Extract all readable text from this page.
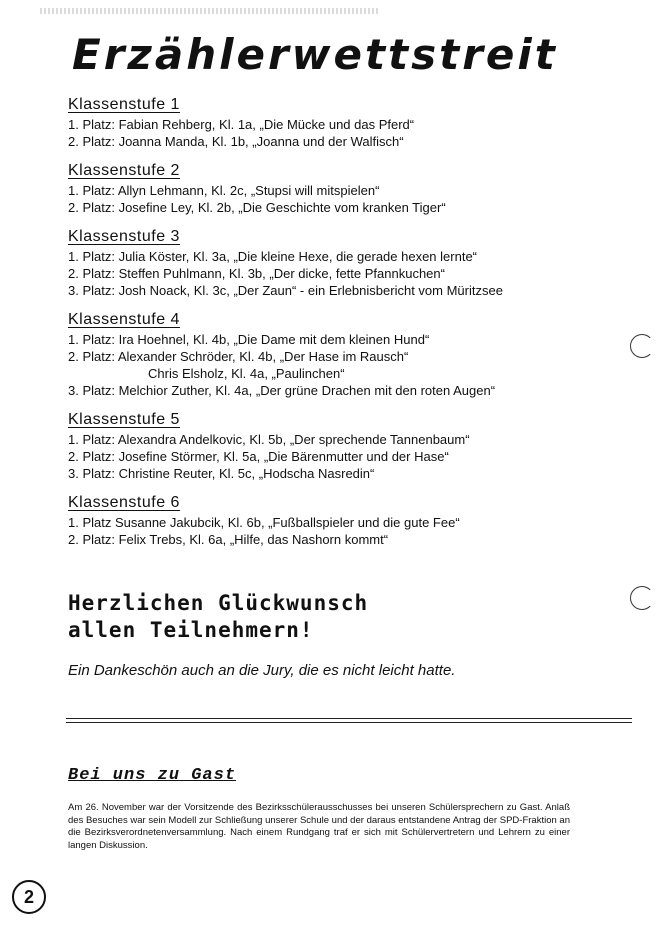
Erzählerwettstreit
Klassenstufe 1
1. Platz: Fabian Rehberg, Kl. 1a, „Die Mücke und das Pferd“
2. Platz: Joanna Manda, Kl. 1b, „Joanna und der Walfisch“
Klassenstufe 2
1. Platz: Allyn Lehmann, Kl. 2c, „Stupsi will mitspielen“
2. Platz: Josefine Ley, Kl. 2b, „Die Geschichte vom kranken Tiger“
Klassenstufe 3
1. Platz: Julia Köster, Kl. 3a, „Die kleine Hexe, die gerade hexen lernte“
2. Platz: Steffen Puhlmann, Kl. 3b, „Der dicke, fette Pfannkuchen“
3. Platz: Josh Noack, Kl. 3c, „Der Zaun“ - ein Erlebnisbericht vom Müritzsee
Klassenstufe 4
1. Platz: Ira Hoehnel, Kl. 4b, „Die Dame mit dem kleinen Hund“
2. Platz: Alexander Schröder, Kl. 4b, „Der Hase im Rausch“
Chris Elsholz, Kl. 4a, „Paulinchen“
3. Platz: Melchior Zuther, Kl. 4a, „Der grüne Drachen mit den roten Augen“
Klassenstufe 5
1. Platz: Alexandra Andelkovic, Kl. 5b, „Der sprechende Tannenbaum“
2. Platz: Josefine Störmer, Kl. 5a, „Die Bärenmutter und der Hase“
3. Platz: Christine Reuter, Kl. 5c, „Hodscha Nasredin“
Klassenstufe 6
1. Platz Susanne Jakubcik, Kl. 6b, „Fußballspieler und die gute Fee“
2. Platz: Felix Trebs, Kl. 6a, „Hilfe, das Nashorn kommt“
Herzlichen Glückwunsch
allen Teilnehmern!
Ein Dankeschön auch an die Jury, die es nicht leicht hatte.
Bei uns zu Gast
Am 26. November war der Vorsitzende des Bezirksschülerausschusses bei unseren Schülersprechern zu Gast. Anlaß des Besuches war sein Modell zur Schließung unserer Schule und der daraus entstandene Antrag der SPD-Fraktion an die Bezirksverordnetenversammlung. Nach einem Rundgang traf er sich mit Schülervertretern und Lehrern zu einer langen Diskussion.
2
